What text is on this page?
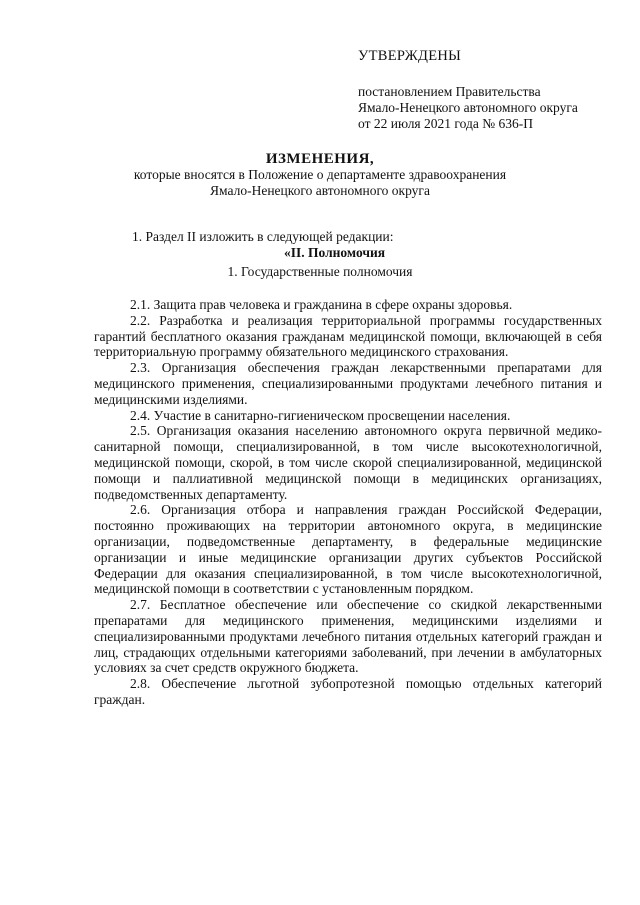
УТВЕРЖДЕНЫ
постановлением Правительства
Ямало-Ненецкого автономного округа
от 22 июля 2021 года № 636-П
ИЗМЕНЕНИЯ,
которые вносятся в Положение о департаменте здравоохранения
Ямало-Ненецкого автономного округа
1. Раздел II изложить в следующей редакции:
«II. Полномочия
1. Государственные полномочия

2.1. Защита прав человека и гражданина в сфере охраны здоровья.

2.2. Разработка и реализация территориальной программы государственных гарантий бесплатного оказания гражданам медицинской помощи, включающей в себя территориальную программу обязательного медицинского страхования.

2.3. Организация обеспечения граждан лекарственными препаратами для медицинского применения, специализированными продуктами лечебного питания и медицинскими изделиями.

2.4. Участие в санитарно-гигиеническом просвещении населения.

2.5. Организация оказания населению автономного округа первичной медико-санитарной помощи, специализированной, в том числе высокотехнологичной, медицинской помощи, скорой, в том числе скорой специализированной, медицинской помощи и паллиативной медицинской помощи в медицинских организациях, подведомственных департаменту.

2.6. Организация отбора и направления граждан Российской Федерации, постоянно проживающих на территории автономного округа, в медицинские организации, подведомственные департаменту, в федеральные медицинские организации и иные медицинские организации других субъектов Российской Федерации для оказания специализированной, в том числе высокотехнологичной, медицинской помощи в соответствии с установленным порядком.

2.7. Бесплатное обеспечение или обеспечение со скидкой лекарственными препаратами для медицинского применения, медицинскими изделиями и специализированными продуктами лечебного питания отдельных категорий граждан и лиц, страдающих отдельными категориями заболеваний, при лечении в амбулаторных условиях за счет средств окружного бюджета.

2.8. Обеспечение льготной зубопротезной помощью отдельных категорий граждан.
